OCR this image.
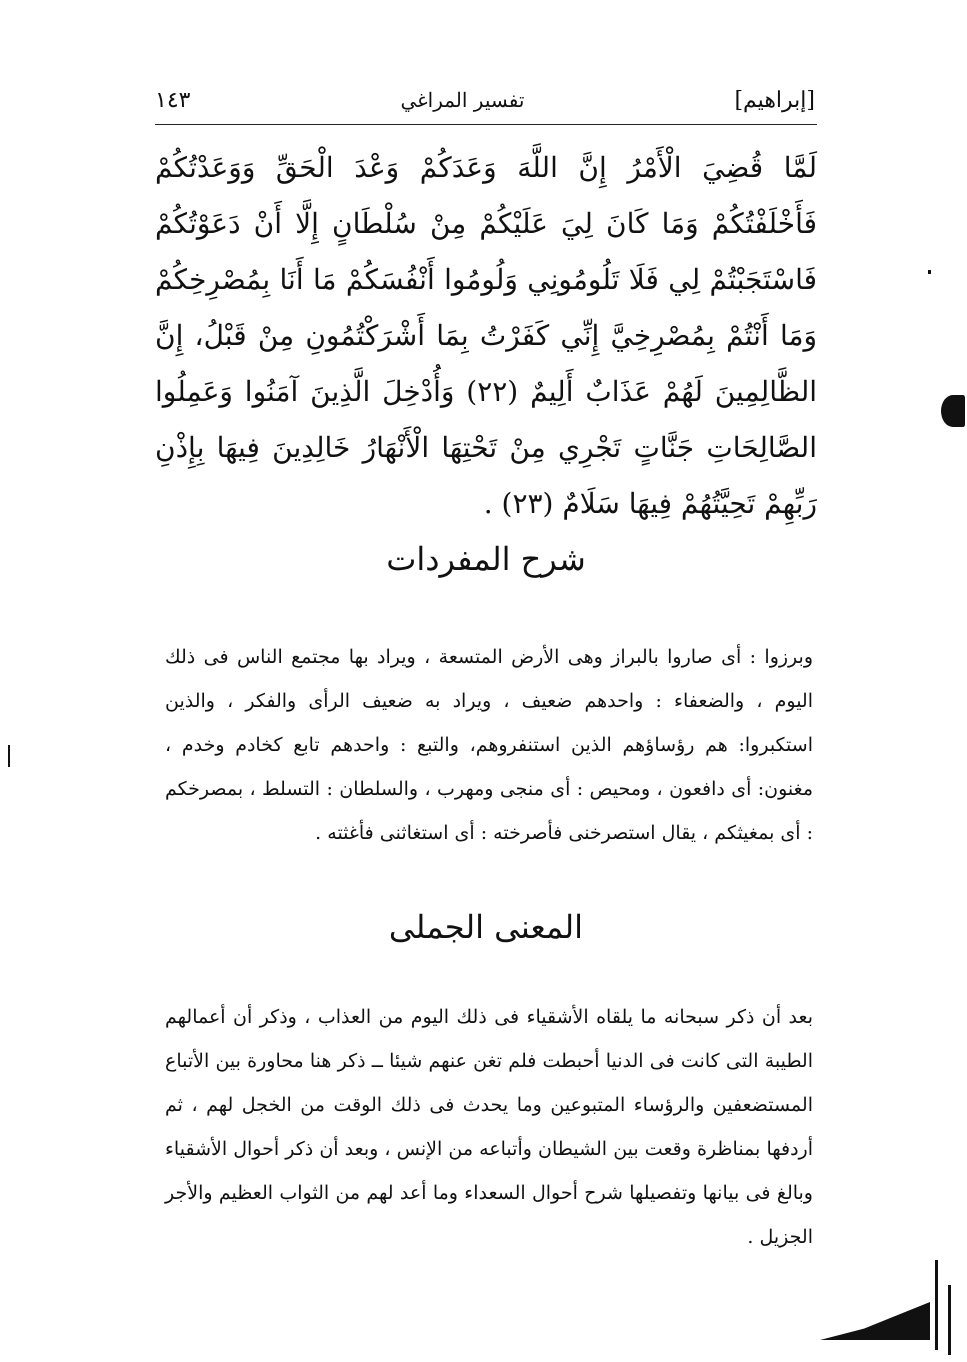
[إبراهيم]
تفسير المراغي
١٤٣

لَمَّا قُضِيَ الْأَمْرُ إِنَّ اللَّهَ وَعَدَكُمْ وَعْدَ الْحَقِّ وَوَعَدْتُكُمْ فَأَخْلَفْتُكُمْ وَمَا كَانَ لِيَ عَلَيْكُمْ مِنْ سُلْطَانٍ إِلَّا أَنْ دَعَوْتُكُمْ فَاسْتَجَبْتُمْ لِي فَلَا تَلُومُونِي وَلُومُوا أَنْفُسَكُمْ مَا أَنَا بِمُصْرِخِكُمْ وَمَا أَنْتُمْ بِمُصْرِخِيَّ إِنِّي كَفَرْتُ بِمَا أَشْرَكْتُمُونِ مِنْ قَبْلُ، إِنَّ الظَّالِمِينَ لَهُمْ عَذَابٌ أَلِيمٌ (٢٢) وَأُدْخِلَ الَّذِينَ آمَنُوا وَعَمِلُوا الصَّالِحَاتِ جَنَّاتٍ تَجْرِي مِنْ تَحْتِهَا الْأَنْهَارُ خَالِدِينَ فِيهَا بِإِذْنِ رَبِّهِمْ تَحِيَّتُهُمْ فِيهَا سَلَامٌ (٢٣) .

شرح المفردات

وبرزوا : أى صاروا بالبراز وهى الأرض المتسعة ، ويراد بها مجتمع الناس فى ذلك اليوم ، والضعفاء : واحدهم ضعيف ، ويراد به ضعيف الرأى والفكر ، والذين استكبروا: هم رؤساؤهم الذين استنفروهم، والتبع : واحدهم تابع كخادم وخدم ، مغنون: أى دافعون ، ومحيص : أى منجى ومهرب ، والسلطان : التسلط ، بمصرخكم : أى بمغيثكم ، يقال استصرخنى فأصرخته : أى استغاثنى فأغثته .

المعنى الجملى

بعد أن ذكر سبحانه ما يلقاه الأشقياء فى ذلك اليوم من العذاب ، وذكر أن أعمالهم الطيبة التى كانت فى الدنيا أحبطت فلم تغن عنهم شيئا ــ ذكر هنا محاورة بين الأتباع المستضعفين والرؤساء المتبوعين وما يحدث فى ذلك الوقت من الخجل لهم ، ثم أردفها بمناظرة وقعت بين الشيطان وأتباعه من الإنس ، وبعد أن ذكر أحوال الأشقياء وبالغ فى بيانها وتفصيلها شرح أحوال السعداء وما أعد لهم من الثواب العظيم والأجر الجزيل .
